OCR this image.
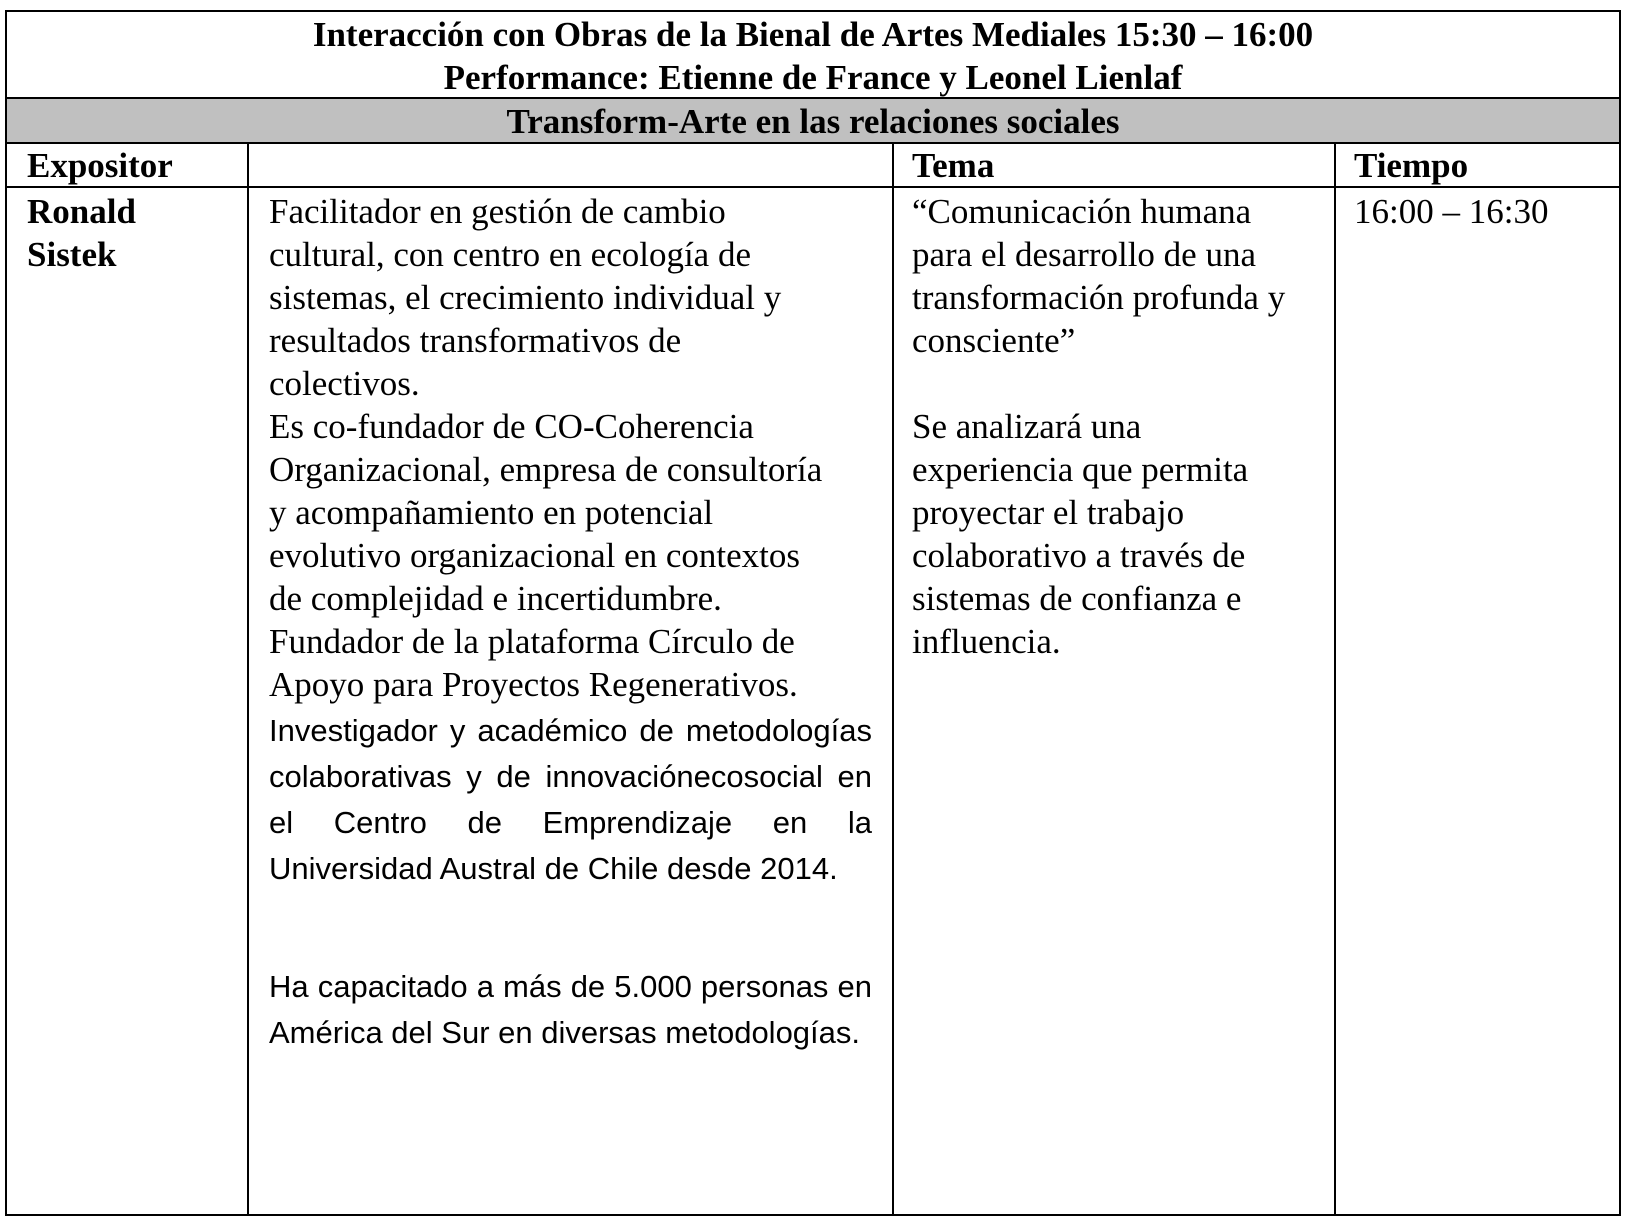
Interacción con Obras de la Bienal de Artes Mediales 15:30 – 16:00
Performance: Etienne de France y Leonel Lienlaf
Transform-Arte en las relaciones sociales
Expositor	Tema	Tiempo
Ronald
Sistek
Facilitador en gestión de cambio
cultural, con centro en ecología de
sistemas, el crecimiento individual y
resultados transformativos de
colectivos.
Es co-fundador de CO-Coherencia
Organizacional, empresa de consultoría
y acompañamiento en potencial
evolutivo organizacional en contextos
de complejidad e incertidumbre.
Fundador de la plataforma Círculo de
Apoyo para Proyectos Regenerativos.
Investigador y académico de metodologías colaborativas y de innovaciónecosocial en el Centro de Emprendizaje en la Universidad Austral de Chile desde 2014.
Ha capacitado a más de 5.000 personas en América del Sur en diversas metodologías.
“Comunicación humana
para el desarrollo de una
transformación profunda y
consciente”
Se analizará una
experiencia que permita
proyectar el trabajo
colaborativo a través de
sistemas de confianza e
influencia.
16:00 – 16:30
